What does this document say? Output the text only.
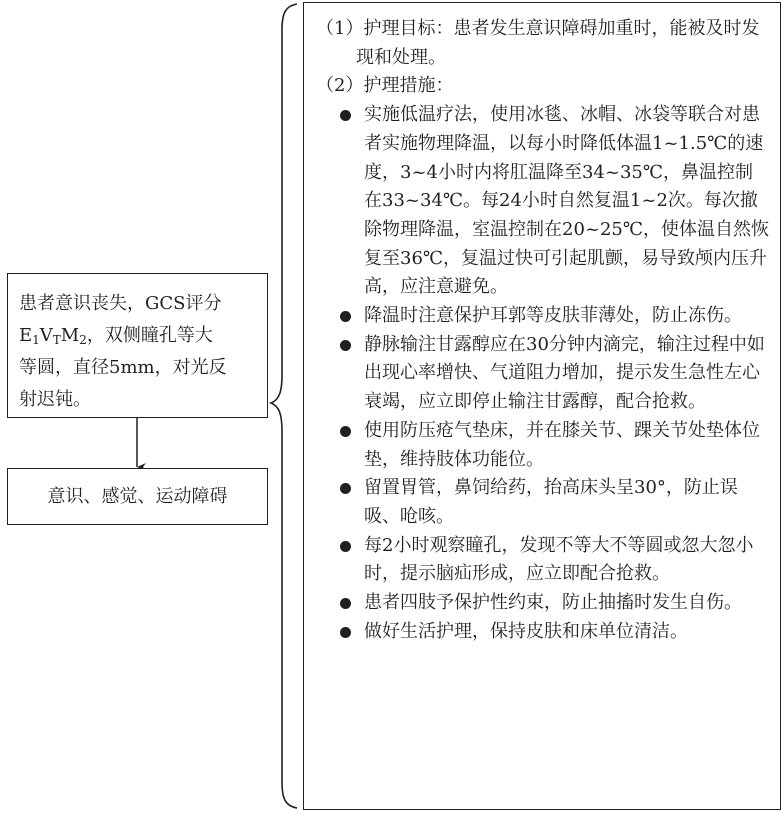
患者意识丧失，GCS评分
$E_1V_TM_2$，双侧瞳孔等大
等圆，直径5mm，对光反
射迟钝。
意识、感觉、运动障碍
（1）护理目标：患者发生意识障碍加重时，能被及时发现和处理。
（2）护理措施：
实施低温疗法，使用冰毯、冰帽、冰袋等联合对患者实施物理降温，以每小时降低体温1~1.5℃的速度，3~4小时内将肛温降至34~35℃，鼻温控制在33~34℃。每24小时自然复温1~2次。每次撤除物理降温，室温控制在20~25℃，使体温自然恢复至36℃，复温过快可引起肌颤，易导致颅内压升高，应注意避免。
降温时注意保护耳郭等皮肤菲薄处，防止冻伤。
静脉输注甘露醇应在30分钟内滴完，输注过程中如出现心率增快、气道阻力增加，提示发生急性左心衰竭，应立即停止输注甘露醇，配合抢救。
使用防压疮气垫床，并在膝关节、踝关节处垫体位垫，维持肢体功能位。
留置胃管，鼻饲给药，抬高床头呈30°，防止误吸、呛咳。
每2小时观察瞳孔，发现不等大不等圆或忽大忽小时，提示脑疝形成，应立即配合抢救。
患者四肢予保护性约束，防止抽搐时发生自伤。
做好生活护理，保持皮肤和床单位清洁。
